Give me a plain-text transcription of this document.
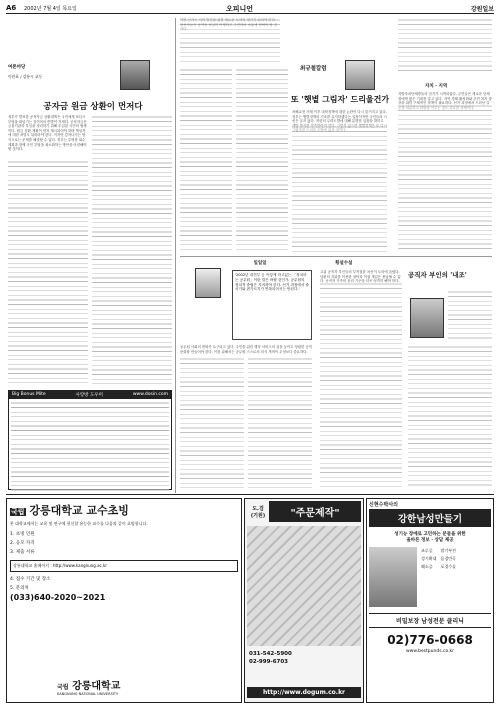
A6 2002년 7월 4일 목요일	오피니언	강원일보
여론마당
이관표 / 강릉시 교동
공자금 원금 상환이 먼저다
정부가 발표한 공적자금 상환대책은 국민에게 또다시 부담을 떠넘기는 것이어서 반발이 거세다. 공적자금은 금융기관의 부실을 정리하기 위해 투입된 국민의 혈세이다. 원금 상환 계획이 먼저 제시되어야 하며 책임자에 대한 처벌도 뒤따라야 한다. 이자만 갚아나가는 방식으로는 문제를 해결할 수 없다. 정부는 투명한 회수 계획과 함께 국민 부담을 최소화하는 방안을 마련해야 할 것이다.
Big Bonus Mite	사랑방 도우미	www.dosin.com
이번 선거는 지역 발전을 위한 새로운 도약의 계기가 되어야 한다. 당선자들은 공약을 성실히 이행하고 주민과의 소통에 힘써야 할 것이다.
최규철칼럼
또 '햇볕 그림자' 드리울건가
서해교전 사태 이후 대북정책에 대한 논란이 다시 불거지고 있다. 정부는 햇볕정책의 기조를 유지하겠다는 입장이지만 국민들의 시선은 곱지 않다. 북한의 무력도발에 대해 분명한 입장을 밝히고 재발 방지를 약속받아야 한다. 그렇지 않으면 햇볕정책은 또 다시 그림자를 드리울 수밖에 없을 것이다.
자치 · 지역
지방자치단체장들의 임기가 시작되었다. 주민들은 새로운 단체장에게 많은 기대를 걸고 있다. 지역 경제 활성화와 주민 복지 향상을 위한 구체적인 정책이 필요하다. 선거 과정에서 드러난 갈등을 치유하고 화합을 이루는 것도 중요한 과제이다.
일일일
'2002년 대전부 등 이렇게 하고있는 「정치하는 공무원」이란 말은 바뀔 것인가. 공무원의 정치적 중립은 지켜져야 한다. 선거 과정에서 줄서기와 편가르기가 반복되어서는 안된다.'
공무원 사회의 변화가 요구되고 있다. 주민을 위한 행정 서비스의 질을 높이고 청렴한 공직 문화를 만들어야 한다. 이를 위해서는 공무원 스스로의 의식 개혁이 무엇보다 중요하다.
횡설수설
공직자 부인의 '내조'
고위 공직자 부인들의 부적절한 처신이 도마에 올랐다. 남편의 지위를 이용한 청탁과 이권 개입은 용납될 수 없다. 공직자 가족의 윤리 기준을 더욱 엄격히 해야 한다.
국립 강릉대학교 교수초빙
본 대학교에서는 교육 및 연구에 헌신할 유능한 교수를 다음과 같이 초빙합니다.
1. 초빙 인원
2. 응모 자격
3. 제출 서류
강릉대학교 홈페이지 : http://www.kangnung.ac.kr
4. 접수 기간 및 장소
5. 문의처
(033)640-2020~2021
국립 강릉대학교
KANGNUNG NATIONAL UNIVERSITY
도.검
(기원)	"주문제작"
031-542-5900
02-999-6703
http://www.dogum.co.kr
신현수박사의
강한남성만들기
성기능 장애로 고민하는 분들을 위한
올바른 정보 · 상담 제공
조루증	발기부전
성기확대 음경만곡
왜소증	포경수술
비밀보장 남성전문 클리닉
02)776-0668
www.bestpunds.co.kr
